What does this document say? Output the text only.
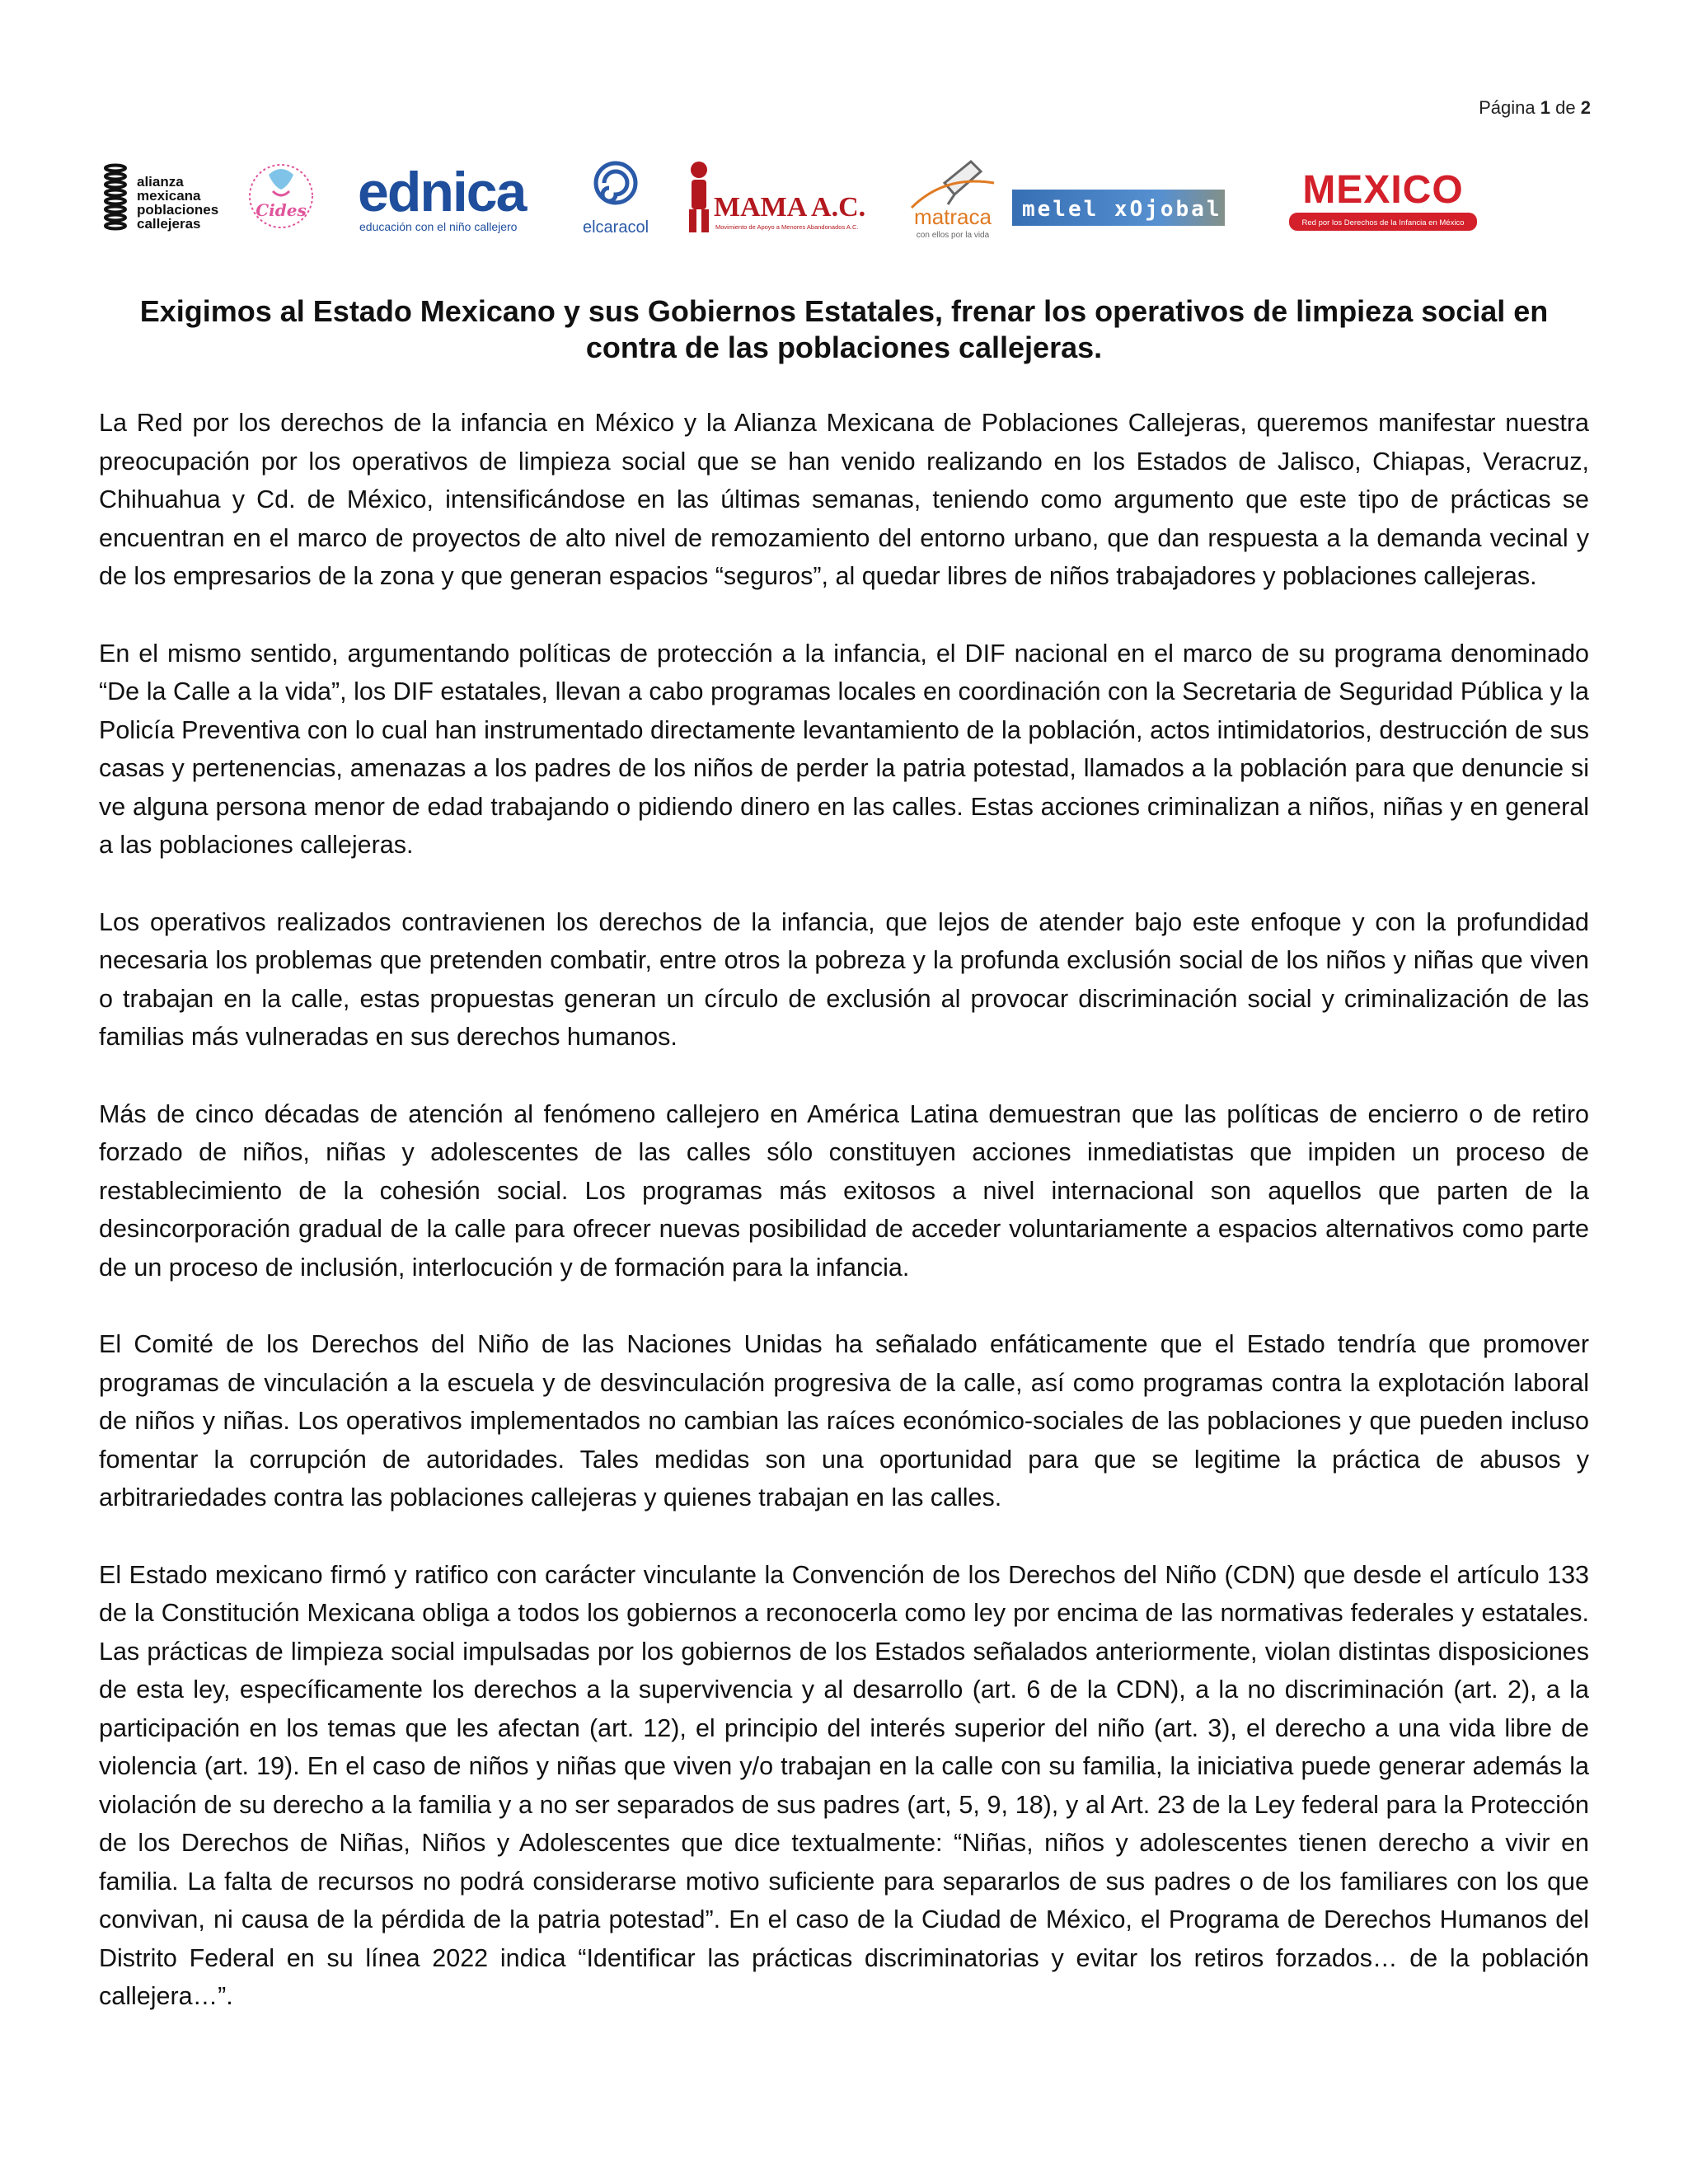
Página 1 de 2
alianza
mexicana
poblaciones
callejeras
Cides ednica
educación con el niño callejero	elcaracol
MAMA A.C.
Movimiento de Apoyo a Menores Abandonados A.C.	matraca
con ellos por la vida
melel xOjobal MEXICO
Red por los Derechos de la Infancia en México
Exigimos al Estado Mexicano y sus Gobiernos Estatales, frenar los operativos de limpieza social en contra de las poblaciones callejeras.

La Red por los derechos de la infancia en México y la Alianza Mexicana de Poblaciones Callejeras, queremos manifestar nuestra preocupación por los operativos de limpieza social que se han venido realizando en los Estados de Jalisco, Chiapas, Veracruz, Chihuahua y Cd. de México, intensificándose en las últimas semanas, teniendo como argumento que este tipo de prácticas se encuentran en el marco de proyectos de alto nivel de remozamiento del entorno urbano, que dan respuesta a la demanda vecinal y de los empresarios de la zona y que generan espacios “seguros”, al quedar libres de niños trabajadores y poblaciones callejeras.

En el mismo sentido, argumentando políticas de protección a la infancia, el DIF nacional en el marco de su programa denominado “De la Calle a la vida”, los DIF estatales, llevan a cabo programas locales en coordinación con la Secretaria de Seguridad Pública y la Policía Preventiva con lo cual han instrumentado directamente levantamiento de la población, actos intimidatorios, destrucción de sus casas y pertenencias, amenazas a los padres de los niños de perder la patria potestad, llamados a la población para que denuncie si ve alguna persona menor de edad trabajando o pidiendo dinero en las calles. Estas acciones criminalizan a niños, niñas y en general a las poblaciones callejeras.

Los operativos realizados contravienen los derechos de la infancia, que lejos de atender bajo este enfoque y con la profundidad necesaria los problemas que pretenden combatir, entre otros la pobreza y la profunda exclusión social de los niños y niñas que viven o trabajan en la calle, estas propuestas generan un círculo de exclusión al provocar discriminación social y criminalización de las familias más vulneradas en sus derechos humanos.

Más de cinco décadas de atención al fenómeno callejero en América Latina demuestran que las políticas de encierro o de retiro forzado de niños, niñas y adolescentes de las calles sólo constituyen acciones inmediatistas que impiden un proceso de restablecimiento de la cohesión social. Los programas más exitosos a nivel internacional son aquellos que parten de la desincorporación gradual de la calle para ofrecer nuevas posibilidad de acceder voluntariamente a espacios alternativos como parte de un proceso de inclusión, interlocución y de formación para la infancia.

El Comité de los Derechos del Niño de las Naciones Unidas ha señalado enfáticamente que el Estado tendría que promover programas de vinculación a la escuela y de desvinculación progresiva de la calle, así como programas contra la explotación laboral de niños y niñas. Los operativos implementados no cambian las raíces económico-sociales de las poblaciones y que pueden incluso fomentar la corrupción de autoridades. Tales medidas son una oportunidad para que se legitime la práctica de abusos y arbitrariedades contra las poblaciones callejeras y quienes trabajan en las calles.

El Estado mexicano firmó y ratifico con carácter vinculante la Convención de los Derechos del Niño (CDN) que desde el artículo 133 de la Constitución Mexicana obliga a todos los gobiernos a reconocerla como ley por encima de las normativas federales y estatales. Las prácticas de limpieza social impulsadas por los gobiernos de los Estados señalados anteriormente, violan distintas disposiciones de esta ley, específicamente los derechos a la supervivencia y al desarrollo (art. 6 de la CDN), a la no discriminación (art. 2), a la participación en los temas que les afectan (art. 12), el principio del interés superior del niño (art. 3), el derecho a una vida libre de violencia (art. 19). En el caso de niños y niñas que viven y/o trabajan en la calle con su familia, la iniciativa puede generar además la violación de su derecho a la familia y a no ser separados de sus padres (art, 5, 9, 18), y al Art. 23 de la Ley federal para la Protección de los Derechos de Niñas, Niños y Adolescentes que dice textualmente: “Niñas, niños y adolescentes tienen derecho a vivir en familia. La falta de recursos no podrá considerarse motivo suficiente para separarlos de sus padres o de los familiares con los que convivan, ni causa de la pérdida de la patria potestad”. En el caso de la Ciudad de México, el Programa de Derechos Humanos del Distrito Federal en su línea 2022 indica “Identificar las prácticas discriminatorias y evitar los retiros forzados… de la población callejera…”.
